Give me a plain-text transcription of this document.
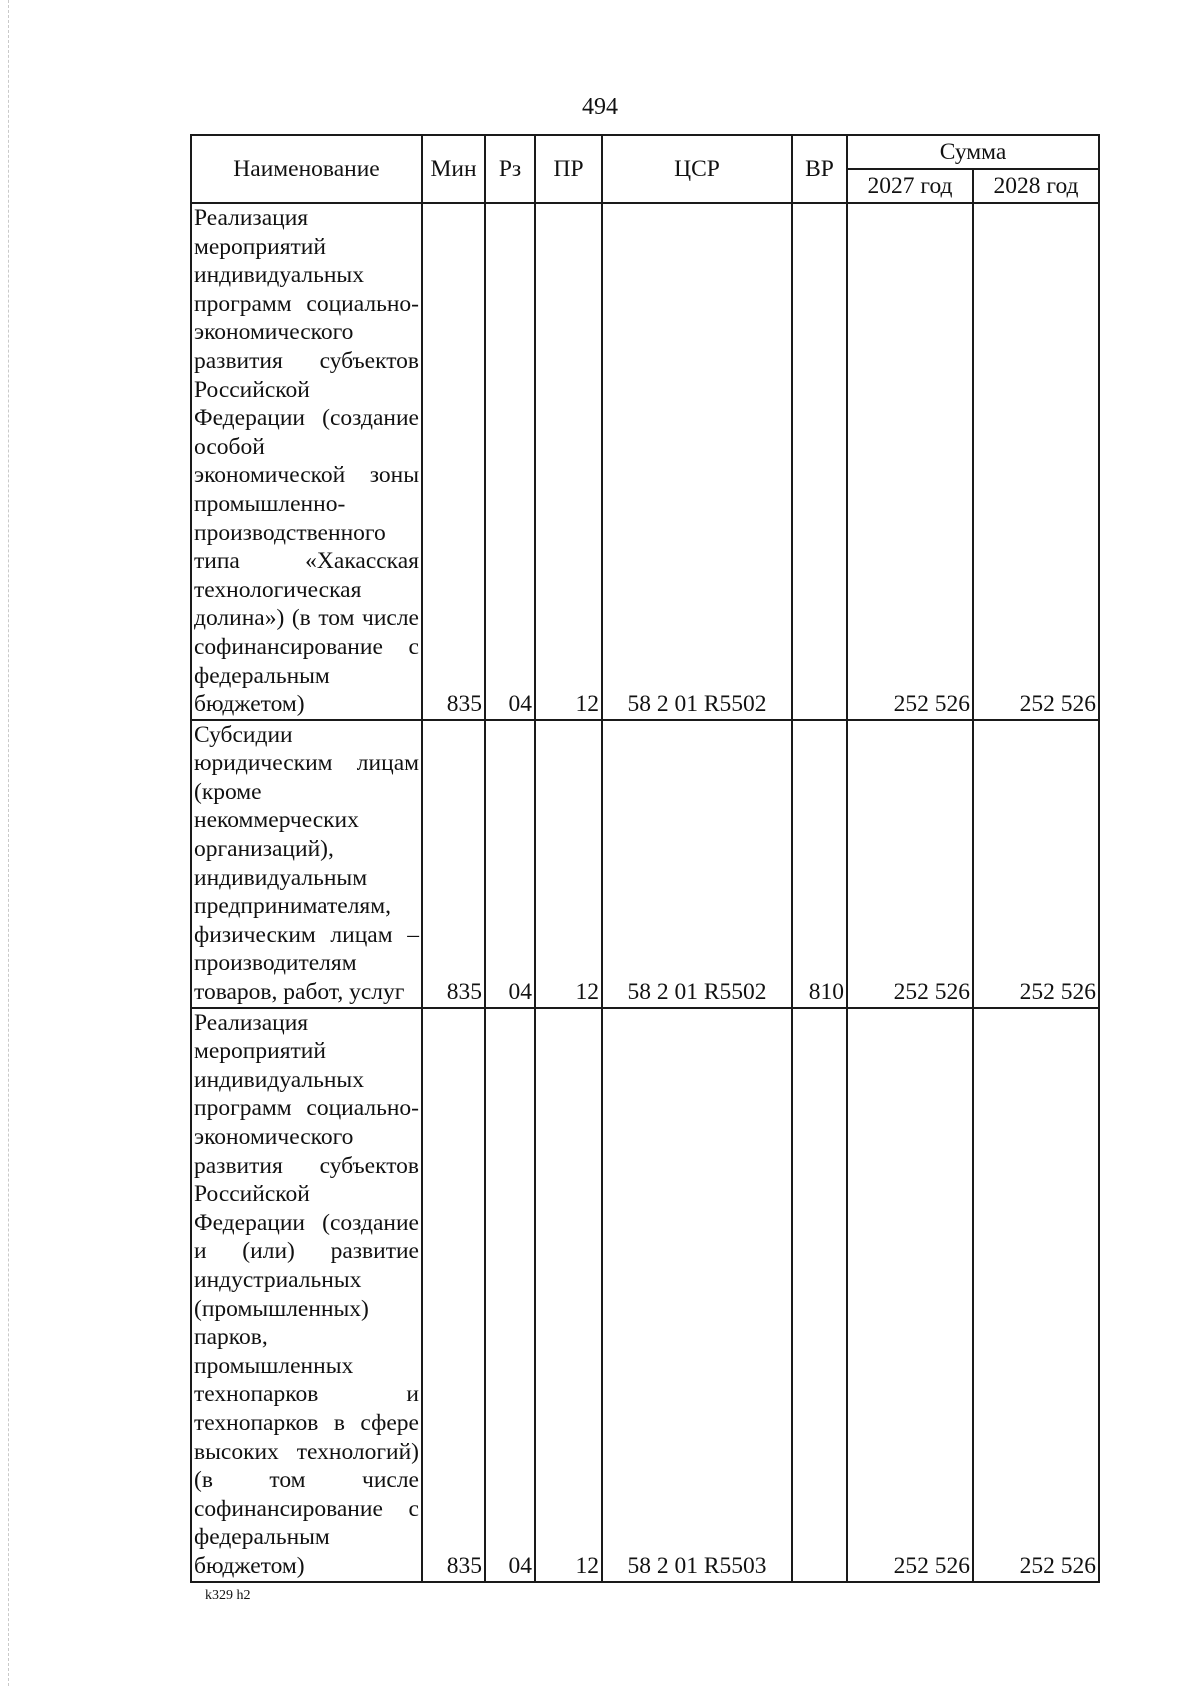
494
Наименование	Мин	Рз	ПР	ЦСР	ВР	Сумма	
						2027 год	2028 год
Реализация мероприятий индивидуальных программ социально-экономического развития субъектов Российской Федерации (создание особой экономической зоны промышленно-производственного типа «Хакасская технологическая долина») (в том числе софинансирование с федеральным бюджетом)	835	04	12	58 2 01 R5502		252 526	252 526
Субсидии юридическим лицам (кроме некоммерческих организаций), индивидуальным предпринимателям, физическим лицам – производителям товаров, работ, услуг	835	04	12	58 2 01 R5502	810	252 526	252 526
Реализация мероприятий индивидуальных программ социально-экономического развития субъектов Российской Федерации (создание и (или) развитие индустриальных (промышленных) парков, промышленных технопарков и технопарков в сфере высоких технологий) (в том числе софинансирование с федеральным бюджетом)	835	04	12	58 2 01 R5503		252 526	252 526
k329 h2
